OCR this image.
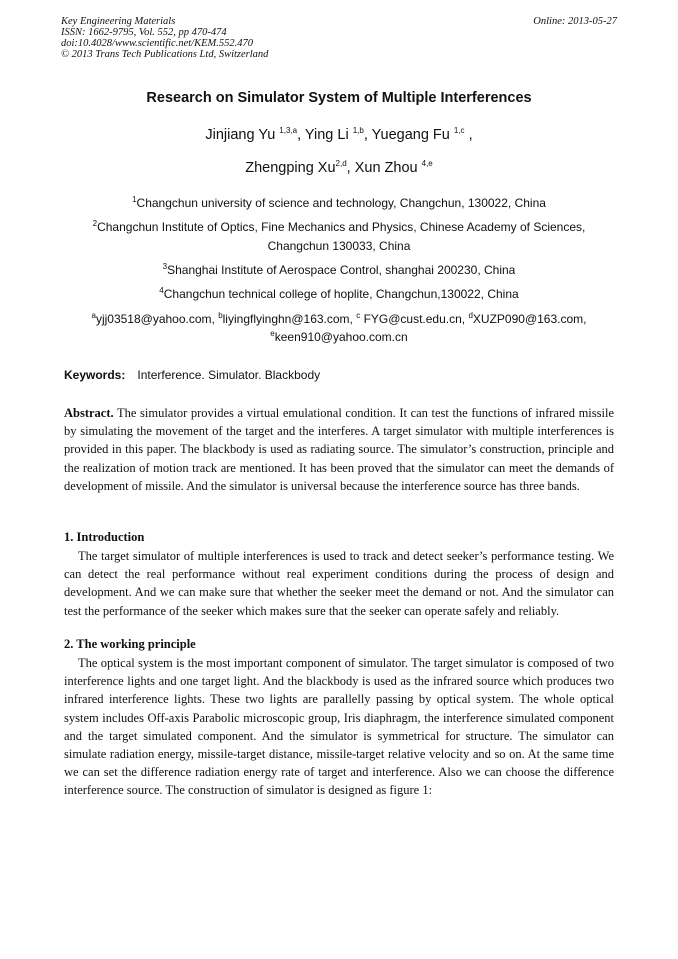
Key Engineering Materials
ISSN: 1662-9795, Vol. 552, pp 470-474
doi:10.4028/www.scientific.net/KEM.552.470
© 2013 Trans Tech Publications Ltd, Switzerland
Online: 2013-05-27
Research on Simulator System of Multiple Interferences
Jinjiang Yu $^{1,3,a}$, Ying Li $^{1,b}$, Yuegang Fu $^{1,c}$ ,
Zhengping Xu$^{2,d}$, Xun Zhou $^{4,e}$
$^1$Changchun university of science and technology, Changchun, 130022, China
$^2$Changchun Institute of Optics, Fine Mechanics and Physics, Chinese Academy of Sciences,
Changchun 130033, China
$^3$Shanghai Institute of Aerospace Control, shanghai 200230, China
$^4$Changchun technical college of hoplite, Changchun,130022, China
$^a$yjj03518@yahoo.com, $^b$liyingflyinghn@163.com, $^c$ FYG@cust.edu.cn, $^d$XUZP090@163.com,
$^e$keen910@yahoo.com.cn
Keywords: Interference. Simulator. Blackbody
Abstract. The simulator provides a virtual emulational condition. It can test the functions of infrared missile by simulating the movement of the target and the interferes. A target simulator with multiple interferences is provided in this paper. The blackbody is used as radiating source. The simulator’s construction, principle and the realization of motion track are mentioned. It has been proved that the simulator can meet the demands of development of missile. And the simulator is universal because the interference source has three bands.
1. Introduction
The target simulator of multiple interferences is used to track and detect seeker’s performance testing. We can detect the real performance without real experiment conditions during the process of design and development. And we can make sure that whether the seeker meet the demand or not. And the simulator can test the performance of the seeker which makes sure that the seeker can operate safely and reliably.
2. The working principle
The optical system is the most important component of simulator. The target simulator is composed of two interference lights and one target light. And the blackbody is used as the infrared source which produces two infrared interference lights. These two lights are parallelly passing by optical system. The whole optical system includes Off-axis Parabolic microscopic group, Iris diaphragm, the interference simulated component and the target simulated component. And the simulator is symmetrical for structure. The simulator can simulate radiation energy, missile-target distance, missile-target relative velocity and so on. At the same time we can set the difference radiation energy rate of target and interference. Also we can choose the difference interference source. The construction of simulator is designed as figure 1:
